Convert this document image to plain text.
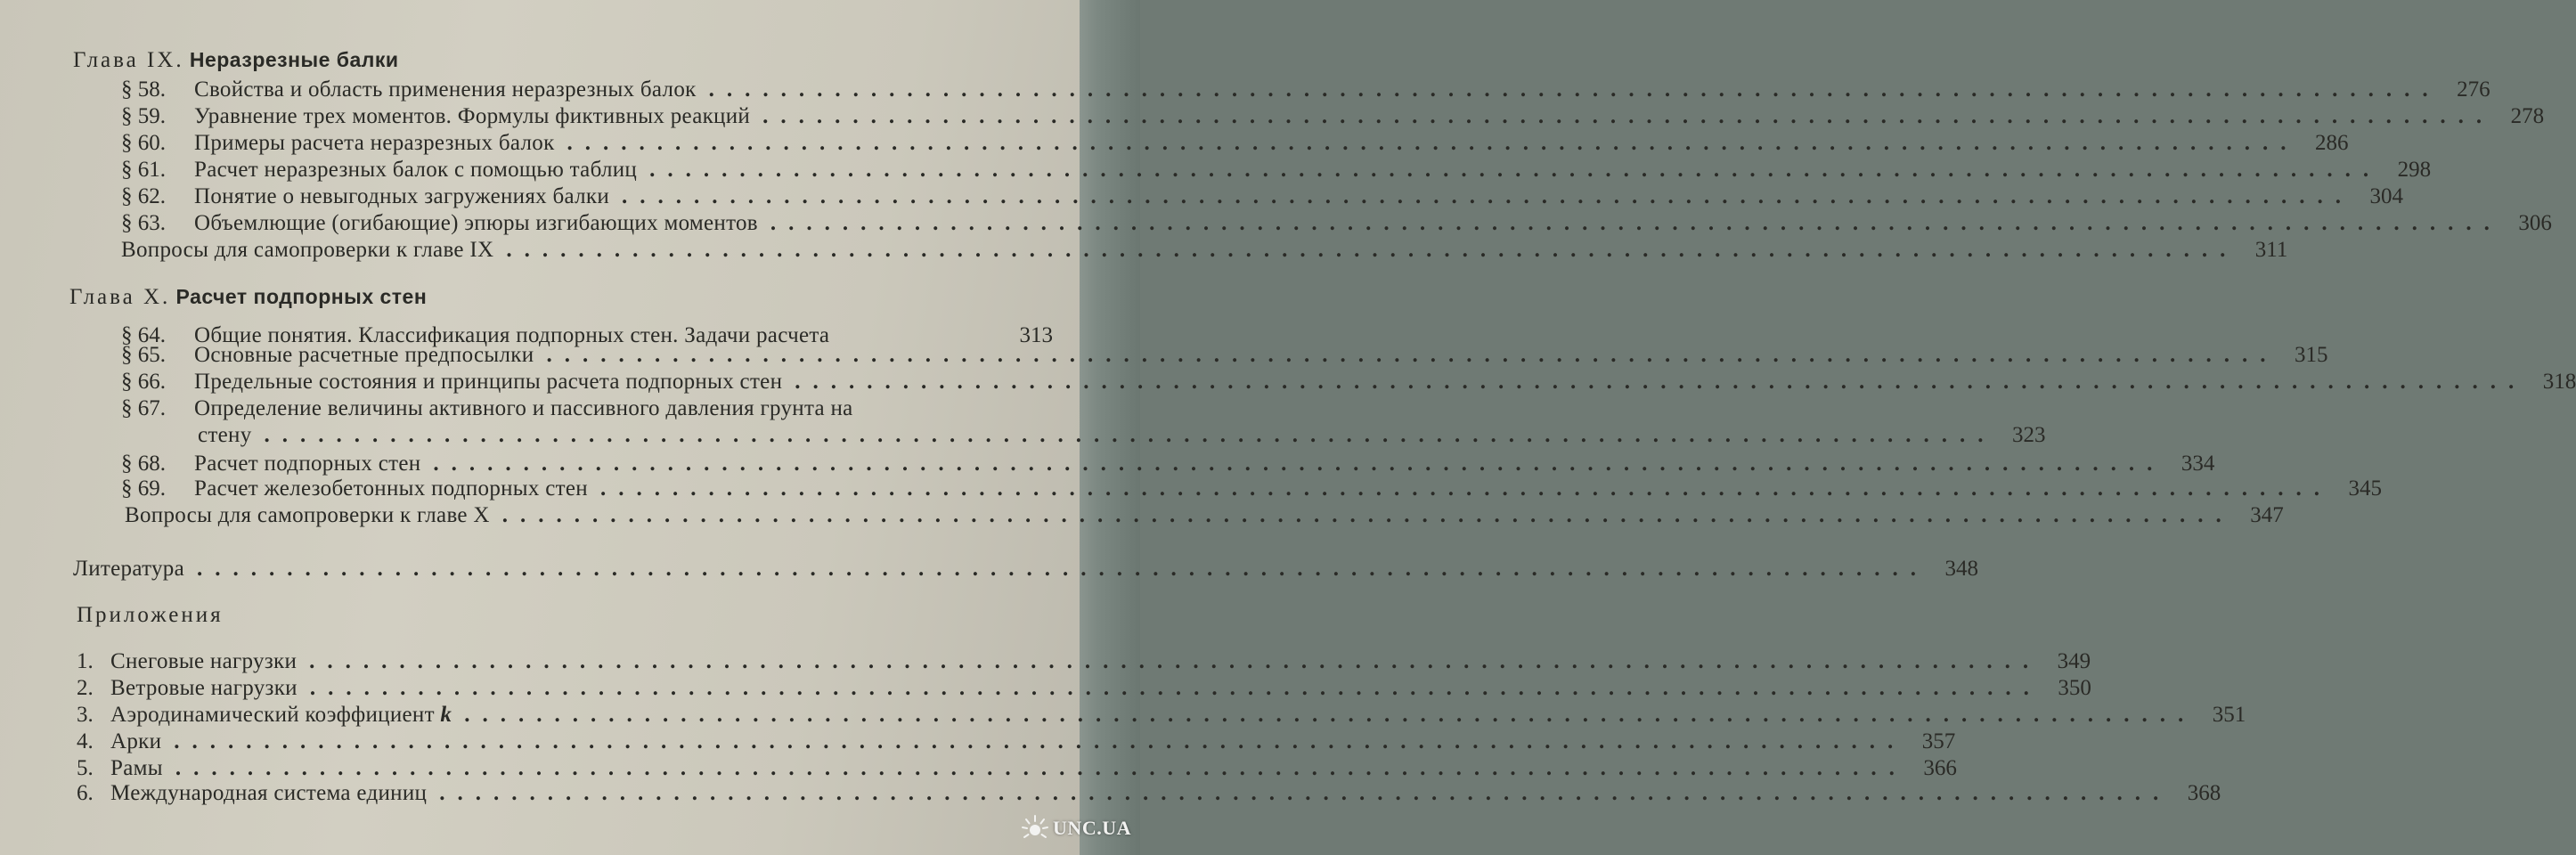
Глава IX. Неразрезные балки
§ 58.	Свойства и область применения неразрезных балок ................................................................................................ 276
§ 59.	Уравнение трех моментов. Формулы фиктивных реакций ................................................................................................ 278
§ 60.	Примеры расчета неразрезных балок ................................................................................................ 286
§ 61.	Расчет неразрезных балок с помощью таблиц ................................................................................................ 298
§ 62.	Понятие о невыгодных загружениях балки ................................................................................................ 304
§ 63.	Объемлющие (огибающие) эпюры изгибающих моментов ................................................................................................ 306
Вопросы для самопроверки к главе IX ................................................................................................ 311
Глава X. Расчет подпорных стен
§ 64.	Общие понятия. Классификация подпорных стен. Задачи расчета	313
§ 65.	Основные расчетные предпосылки ................................................................................................ 315
§ 66.	Предельные состояния и принципы расчета подпорных стен ................................................................................................ 318
§ 67.	Определение величины активного и пассивного давления грунта на
стену ................................................................................................ 323
§ 68.	Расчет подпорных стен ................................................................................................ 334
§ 69.	Расчет железобетонных подпорных стен ................................................................................................ 345
Вопросы для самопроверки к главе X ................................................................................................ 347
Литература ................................................................................................ 348
Приложения
1. Снеговые нагрузки ................................................................................................ 349
2. Ветровые нагрузки ................................................................................................ 350
3. Аэродинамический коэффициент k ................................................................................................ 351
4. Арки ................................................................................................ 357
5. Рамы ................................................................................................ 366
6. Международная система единиц ................................................................................................ 368
UNC.UA
